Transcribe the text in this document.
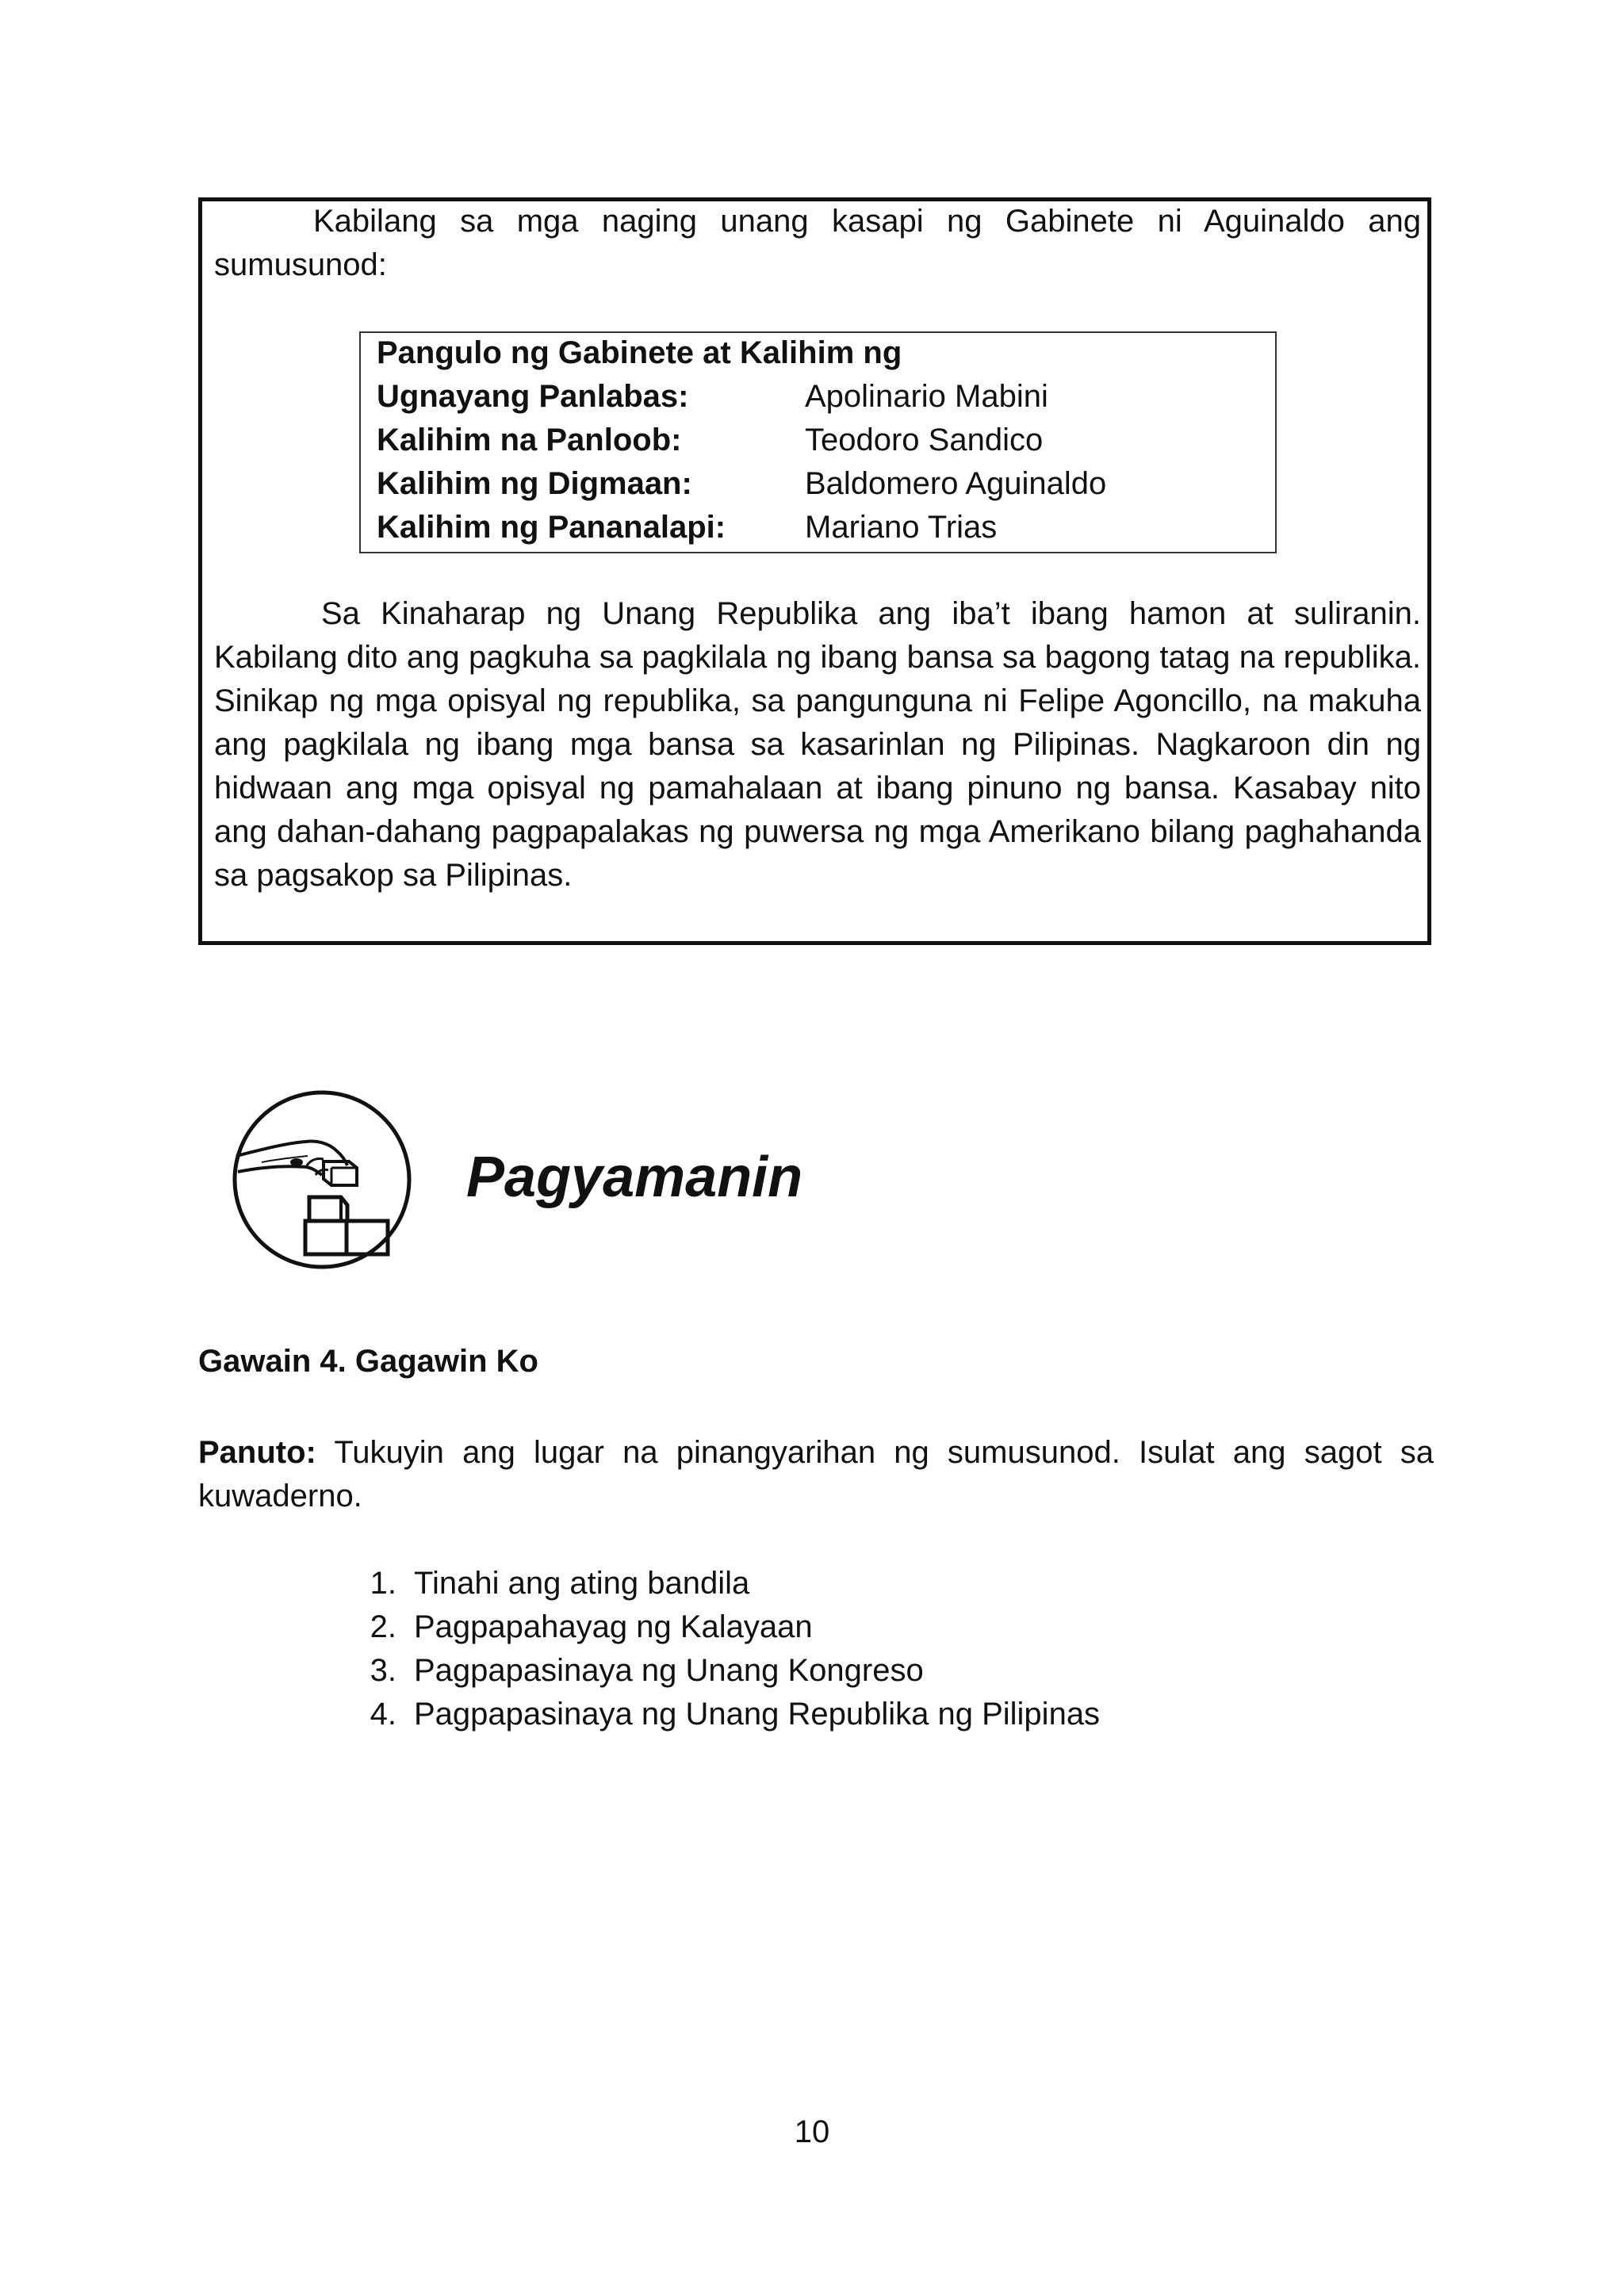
Kabilang sa mga naging unang kasapi ng Gabinete ni Aguinaldo ang sumusunod:

Pangulo ng Gabinete at Kalihim ng
Ugnayang Panlabas:	Apolinario Mabini
Kalihim na Panloob:	Teodoro Sandico
Kalihim ng Digmaan:	Baldomero Aguinaldo
Kalihim ng Pananalapi: Mariano Trias

Sa Kinaharap ng Unang Republika ang iba’t ibang hamon at suliranin. Kabilang dito ang pagkuha sa pagkilala ng ibang bansa sa bagong tatag na republika. Sinikap ng mga opisyal ng republika, sa pangunguna ni Felipe Agoncillo, na makuha ang pagkilala ng ibang mga bansa sa kasarinlan ng Pilipinas. Nagkaroon din ng hidwaan ang mga opisyal ng pamahalaan at ibang pinuno ng bansa. Kasabay nito ang dahan-dahang pagpapalakas ng puwersa ng mga Amerikano bilang paghahanda sa pagsakop sa Pilipinas.

Pagyamanin
Gawain 4. Gagawin Ko

Panuto: Tukuyin ang lugar na pinangyarihan ng sumusunod. Isulat ang sagot sa kuwaderno.

1. Tinahi ang ating bandila
2. Pagpapahayag ng Kalayaan
3. Pagpapasinaya ng Unang Kongreso
4. Pagpapasinaya ng Unang Republika ng Pilipinas
10
